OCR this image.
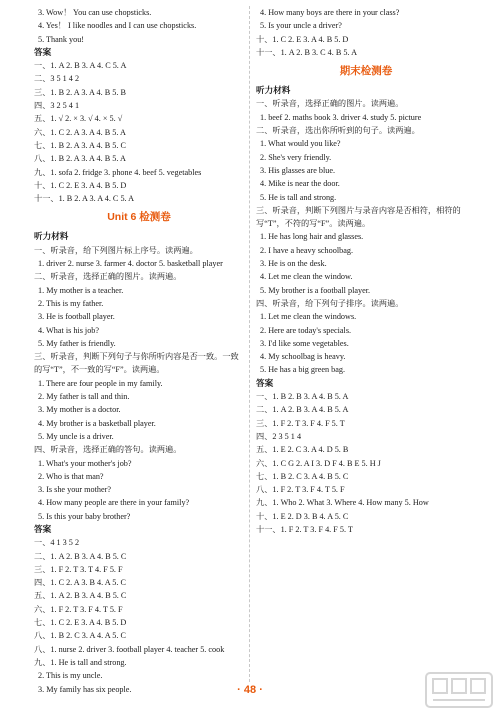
3. Wow！ You can use chopsticks.
4. Yes！ I like noodles and I can use chopsticks.
5. Thank you!
答案
一、1. A 2. B 3. A 4. C 5. A
二、3 5 1 4 2
三、1. B 2. A 3. A 4. B 5. B
四、3 2 5 4 1
五、1. √ 2. × 3. √ 4. × 5. √
六、1. C 2. A 3. A 4. B 5. A
七、1. B 2. A 3. A 4. B 5. C
八、1. B 2. A 3. A 4. B 5. A
九、1. sofa 2. fridge 3. phone 4. beef 5. vegetables
十、1. C 2. E 3. A 4. B 5. D
十一、1. B 2. A 3. A 4. C 5. A
Unit 6 检测卷
听力材料
一、听录音，给下列图片标上序号。读两遍。
1. driver 2. nurse 3. farmer 4. doctor 5. basketball player
二、听录音，选择正确的图片。读两遍。
1. My mother is a teacher.
2. This is my father.
3. He is football player.
4. What is his job?
5. My father is friendly.
三、听录音，判断下列句子与你所听内容是否一致。一致的写“T”，不一致的写“F”。读两遍。
1. There are four people in my family.
2. My father is tall and thin.
3. My mother is a doctor.
4. My brother is a basketball player.
5. My uncle is a driver.
四、听录音，选择正确的答句。读两遍。
1. What's your mother's job?
2. Who is that man?
3. Is she your mother?
4. How many people are there in your family?
5. Is this your baby brother?
答案
一、4 1 3 5 2
二、1. A 2. B 3. A 4. B 5. C
三、1. F 2. T 3. T 4. F 5. F
四、1. C 2. A 3. B 4. A 5. C
五、1. A 2. B 3. A 4. B 5. C
六、1. F 2. T 3. F 4. T 5. F
七、1. C 2. E 3. A 4. B 5. D
八、1. B 2. C 3. A 4. A 5. C
八、1. nurse 2. driver 3. football player 4. teacher 5. cook
九、1. He is tall and strong.
2. This is my uncle.
3. My family has six people.
4. How many boys are there in your class?
5. Is your uncle a driver?
十、1. C 2. E 3. A 4. B 5. D
十一、1. A 2. B 3. C 4. B 5. A
期末检测卷
听力材料
一、听录音，选择正确的图片。读两遍。
1. beef 2. maths book 3. driver 4. study 5. picture
二、听录音，选出你所听到的句子。读两遍。
1. What would you like?
2. She's very friendly.
3. His glasses are blue.
4. Mike is near the door.
5. He is tall and strong.
三、听录音，判断下列图片与录音内容是否相符，相符的写“T”，不符的写“F”。读两遍。
1. He has long hair and glasses.
2. I have a heavy schoolbag.
3. He is on the desk.
4. Let me clean the window.
5. My brother is a football player.
四、听录音，给下列句子排序。读两遍。
1. Let me clean the windows.
2. Here are today's specials.
3. I'd like some vegetables.
4. My schoolbag is heavy.
5. He has a big green bag.
答案
一、1. B 2. B 3. A 4. B 5. A
二、1. A 2. B 3. A 4. B 5. A
三、1. F 2. T 3. F 4. F 5. T
四、2 3 5 1 4
五、1. E 2. C 3. A 4. D 5. B
六、1. C G 2. A I 3. D F 4. B E 5. H J
七、1. B 2. C 3. A 4. B 5. C
八、1. F 2. T 3. F 4. T 5. F
九、1. Who 2. What 3. Where 4. How many 5. How
十、1. E 2. D 3. B 4. A 5. C
十一、1. F 2. T 3. F 4. F 5. T
· 48 ·
